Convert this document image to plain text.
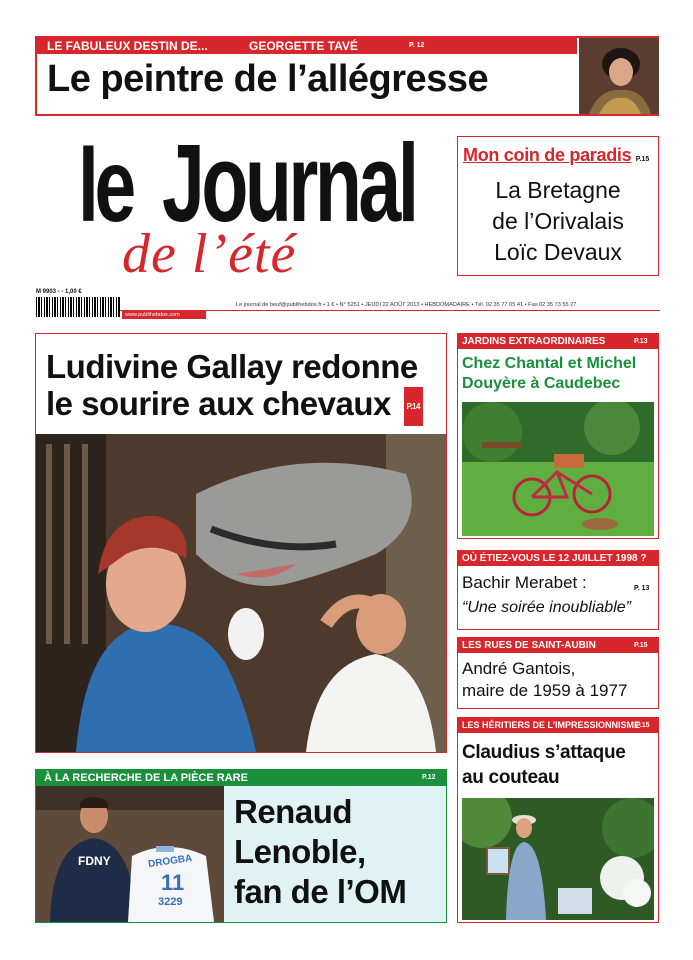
LE FABULEUX DESTIN DE...	GEORGETTE TAVÉ	P. 12
Le peintre de l’allégresse
le Journal
de l’été
Mon coin de paradis P.15
La Bretagne
de l’Orivalais
Loïc Devaux
M 9903 - - 1,00 €
Le journal de beuf@publihebdos.fr • 1 € • N° 5251 • JEUDI 22 AOÛT 2013 • HEBDOMADAIRE • Tél. 02 35 77 05 41 • Fax 02 35 73 55 27
www.publihebdos.com
Ludivine Gallay redonne
le sourire aux chevaux P.14
JARDINS EXTRAORDINAIRES	P.13
Chez Chantal et Michel
Douyère à Caudebec
OÙ ÉTIEZ-VOUS LE 12 JUILLET 1998 ?
Bachir Merabet :	P. 13
“Une soirée inoubliable”
LES RUES DE SAINT-AUBIN	P.15
André Gantois,
maire de 1959 à 1977
LES HÉRITIERS DE L’IMPRESSIONNISME
P.15
Claudius s’attaque
au couteau
À LA RECHERCHE DE LA PIÈCE RARE	P.12
FDNY	DROGBA
11
3229
Renaud
Lenoble,
fan de l’OM
